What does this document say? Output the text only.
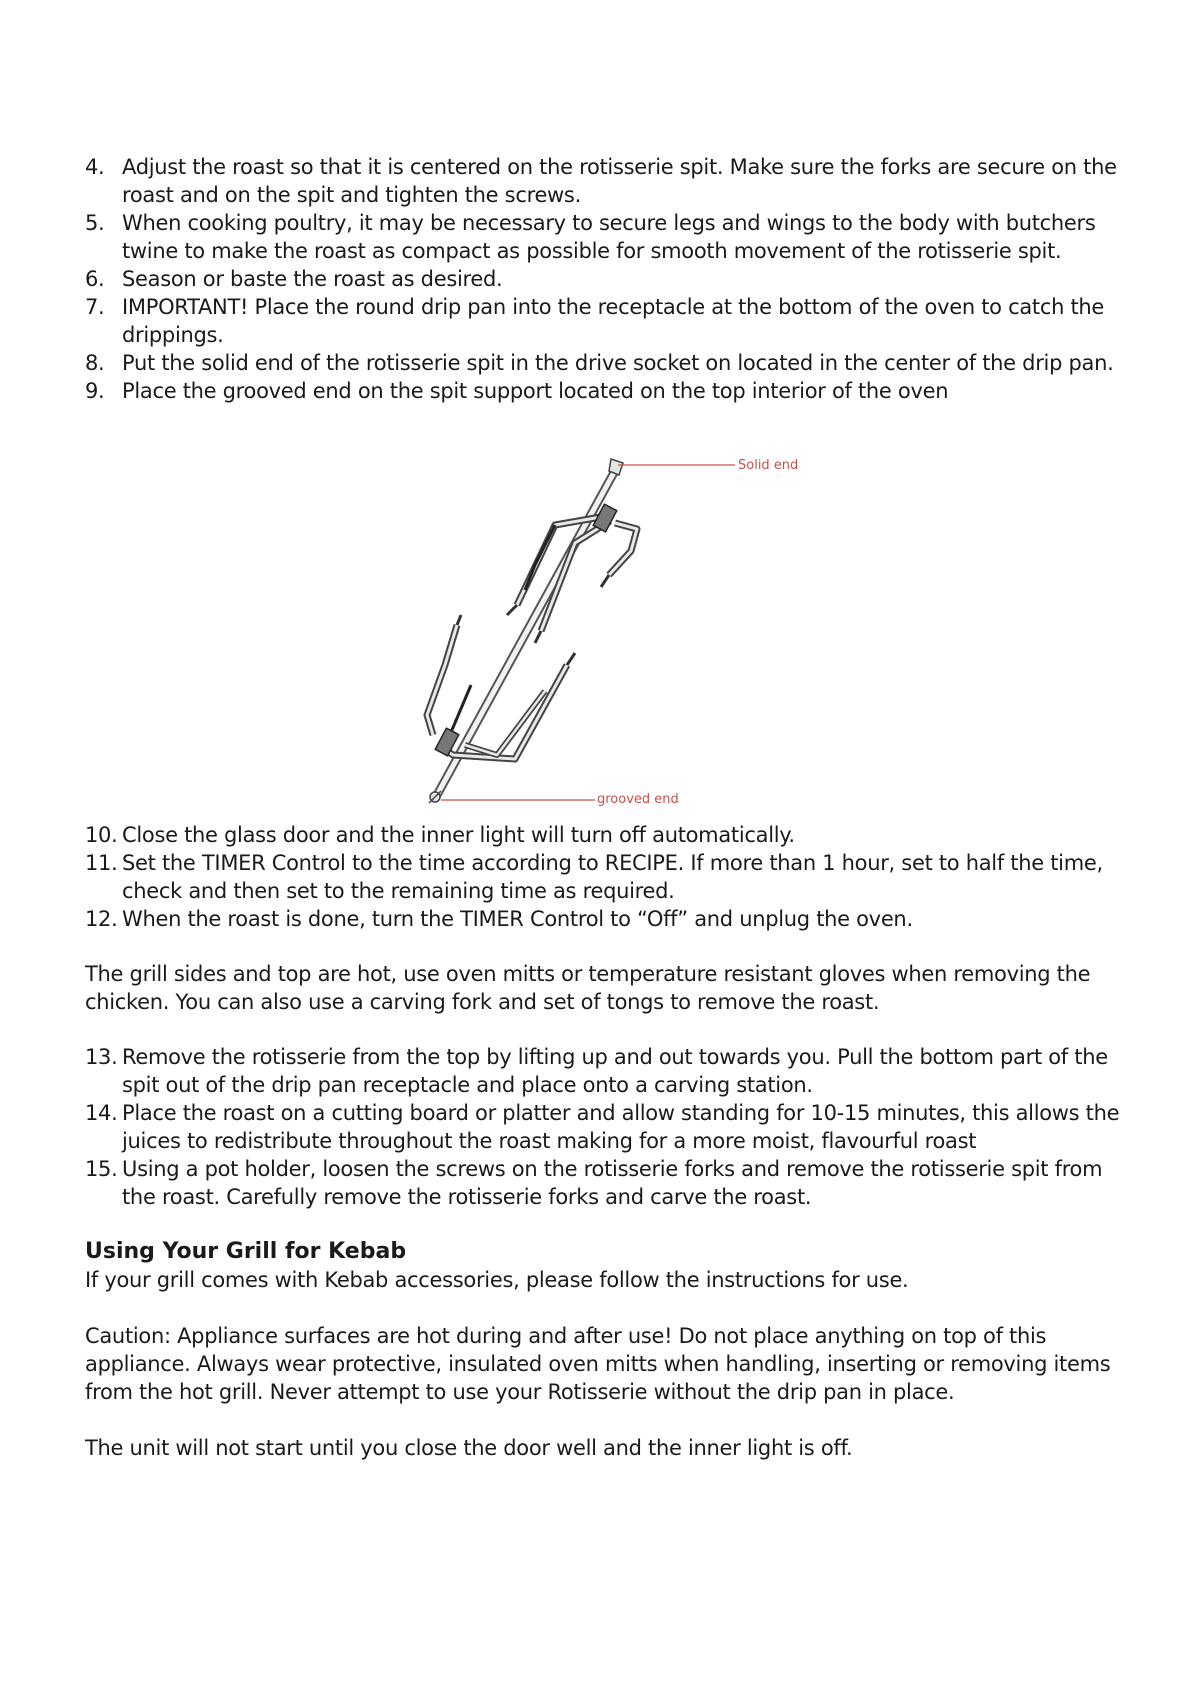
4. Adjust the roast so that it is centered on the rotisserie spit. Make sure the forks are secure on the roast and on the spit and tighten the screws.
5. When cooking poultry, it may be necessary to secure legs and wings to the body with butchers twine to make the roast as compact as possible for smooth movement of the rotisserie spit.
6. Season or baste the roast as desired.
7. IMPORTANT! Place the round drip pan into the receptacle at the bottom of the oven to catch the drippings.
8. Put the solid end of the rotisserie spit in the drive socket on located in the center of the drip pan.
9. Place the grooved end on the spit support located on the top interior of the oven
Solid end
grooved end
10. Close the glass door and the inner light will turn off automatically.
11. Set the TIMER Control to the time according to RECIPE. If more than 1 hour, set to half the time, check and then set to the remaining time as required.
12. When the roast is done, turn the TIMER Control to “Off” and unplug the oven.

The grill sides and top are hot, use oven mitts or temperature resistant gloves when removing the chicken. You can also use a carving fork and set of tongs to remove the roast.

13. Remove the rotisserie from the top by lifting up and out towards you. Pull the bottom part of the spit out of the drip pan receptacle and place onto a carving station.
14. Place the roast on a cutting board or platter and allow standing for 10-15 minutes, this allows the juices to redistribute throughout the roast making for a more moist, flavourful roast
15. Using a pot holder, loosen the screws on the rotisserie forks and remove the rotisserie spit from the roast. Carefully remove the rotisserie forks and carve the roast.

Using Your Grill for Kebab

If your grill comes with Kebab accessories, please follow the instructions for use.

Caution: Appliance surfaces are hot during and after use! Do not place anything on top of this appliance. Always wear protective, insulated oven mitts when handling, inserting or removing items from the hot grill. Never attempt to use your Rotisserie without the drip pan in place.

The unit will not start until you close the door well and the inner light is off.
